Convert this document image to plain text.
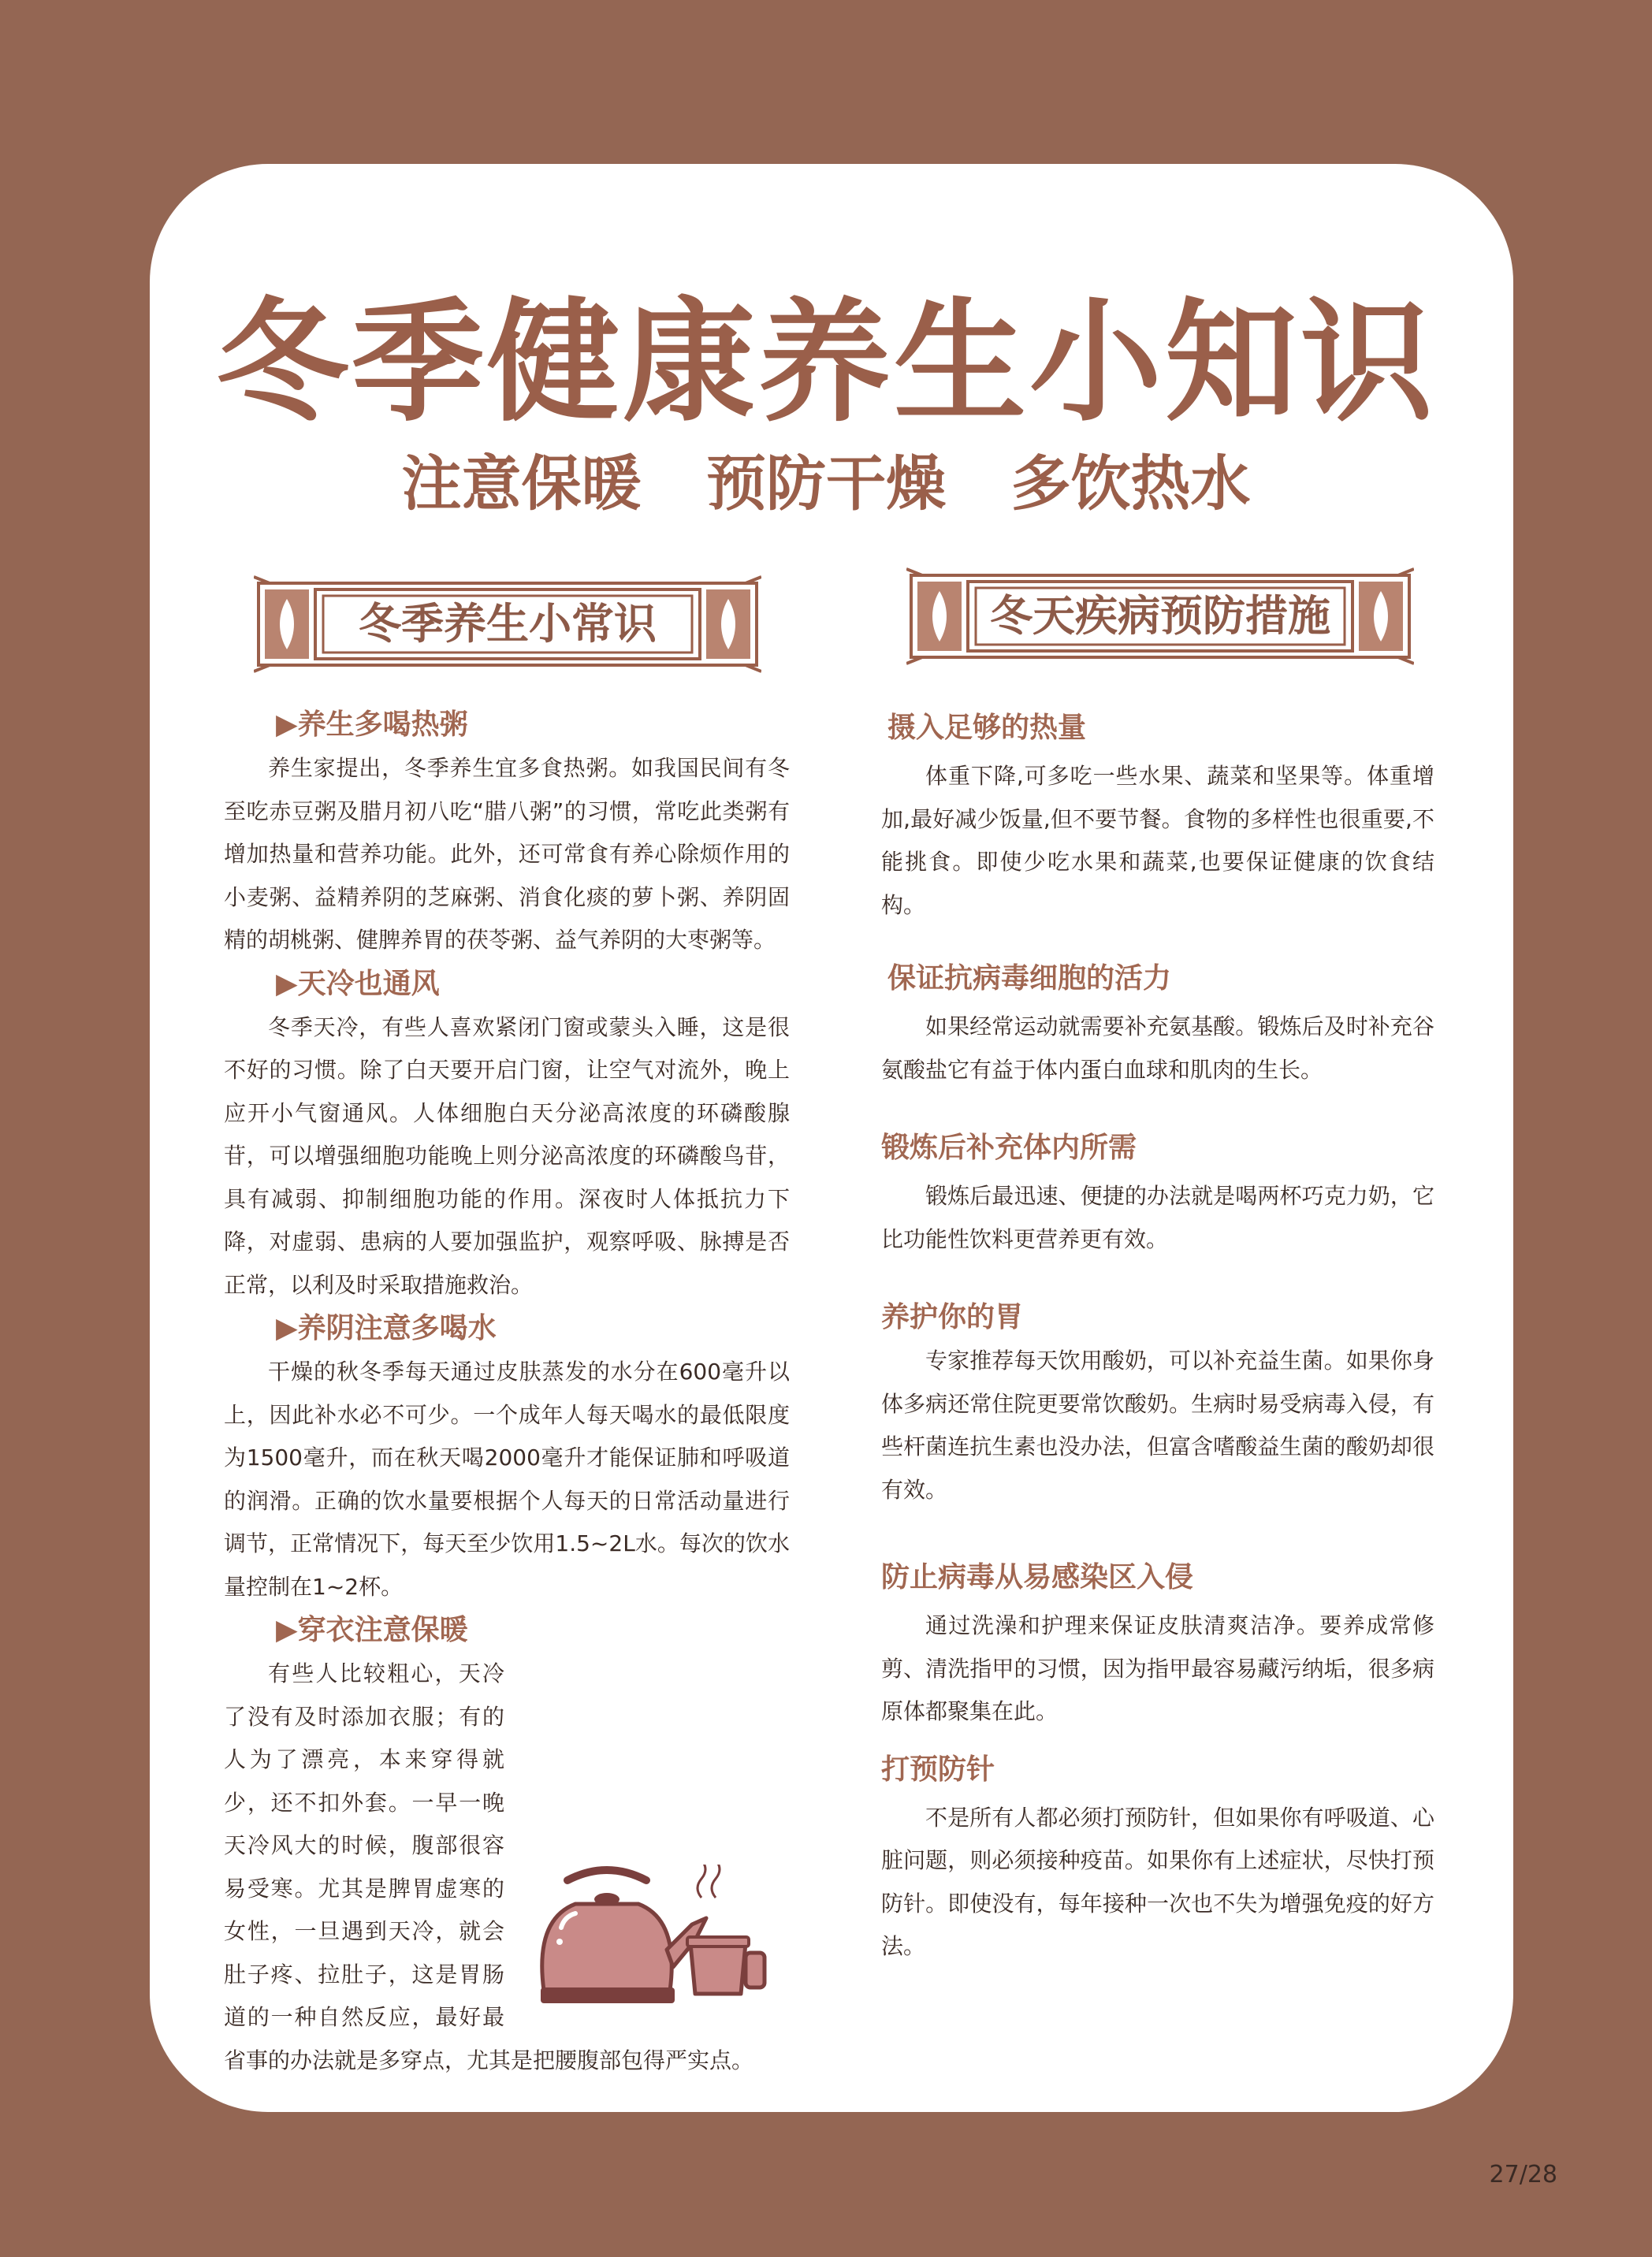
冬季健康养生小知识
注意保暖 预防干燥 多饮热水
冬季养生小常识	冬天疾病预防措施
▶养生多喝热粥

养生家提出，冬季养生宜多食热粥。如我国民间有冬至吃赤豆粥及腊月初八吃“腊八粥”的习惯，常吃此类粥有增加热量和营养功能。此外，还可常食有养心除烦作用的小麦粥、益精养阴的芝麻粥、消食化痰的萝卜粥、养阴固精的胡桃粥、健脾养胃的茯苓粥、益气养阴的大枣粥等。

▶天冷也通风

冬季天冷，有些人喜欢紧闭门窗或蒙头入睡，这是很不好的习惯。除了白天要开启门窗，让空气对流外，晚上应开小气窗通风。人体细胞白天分泌高浓度的环磷酸腺苷，可以增强细胞功能晚上则分泌高浓度的环磷酸鸟苷，具有减弱、抑制细胞功能的作用。深夜时人体抵抗力下降，对虚弱、患病的人要加强监护，观察呼吸、脉搏是否正常，以利及时采取措施救治。

▶养阴注意多喝水

干燥的秋冬季每天通过皮肤蒸发的水分在600毫升以上，因此补水必不可少。一个成年人每天喝水的最低限度为1500毫升，而在秋天喝2000毫升才能保证肺和呼吸道的润滑。正确的饮水量要根据个人每天的日常活动量进行调节，正常情况下，每天至少饮用1.5~2L水。每次的饮水量控制在1~2杯。

▶穿衣注意保暖

有些人比较粗心，天冷了没有及时添加衣服；有的人为了漂亮，本来穿得就少，还不扣外套。一早一晚天冷风大的时候，腹部很容易受寒。尤其是脾胃虚寒的女性，一旦遇到天冷，就会肚子疼、拉肚子，这是胃肠道的一种自然反应，最好最省事的办法就是多穿点，尤其是把腰腹部包得严实点。

摄入足够的热量

体重下降,可多吃一些水果、蔬菜和坚果等。体重增加,最好减少饭量,但不要节餐。食物的多样性也很重要,不能挑食。即使少吃水果和蔬菜,也要保证健康的饮食结构。

保证抗病毒细胞的活力

如果经常运动就需要补充氨基酸。锻炼后及时补充谷氨酸盐它有益于体内蛋白血球和肌肉的生长。

锻炼后补充体内所需

锻炼后最迅速、便捷的办法就是喝两杯巧克力奶，它比功能性饮料更营养更有效。

养护你的胃

专家推荐每天饮用酸奶，可以补充益生菌。如果你身体多病还常住院更要常饮酸奶。生病时易受病毒入侵，有些杆菌连抗生素也没办法，但富含嗜酸益生菌的酸奶却很有效。

防止病毒从易感染区入侵

通过洗澡和护理来保证皮肤清爽洁净。要养成常修剪、清洗指甲的习惯，因为指甲最容易藏污纳垢，很多病原体都聚集在此。

打预防针

不是所有人都必须打预防针，但如果你有呼吸道、心脏问题，则必须接种疫苗。如果你有上述症状，尽快打预防针。即使没有，每年接种一次也不失为增强免疫的好方法。

27/28
